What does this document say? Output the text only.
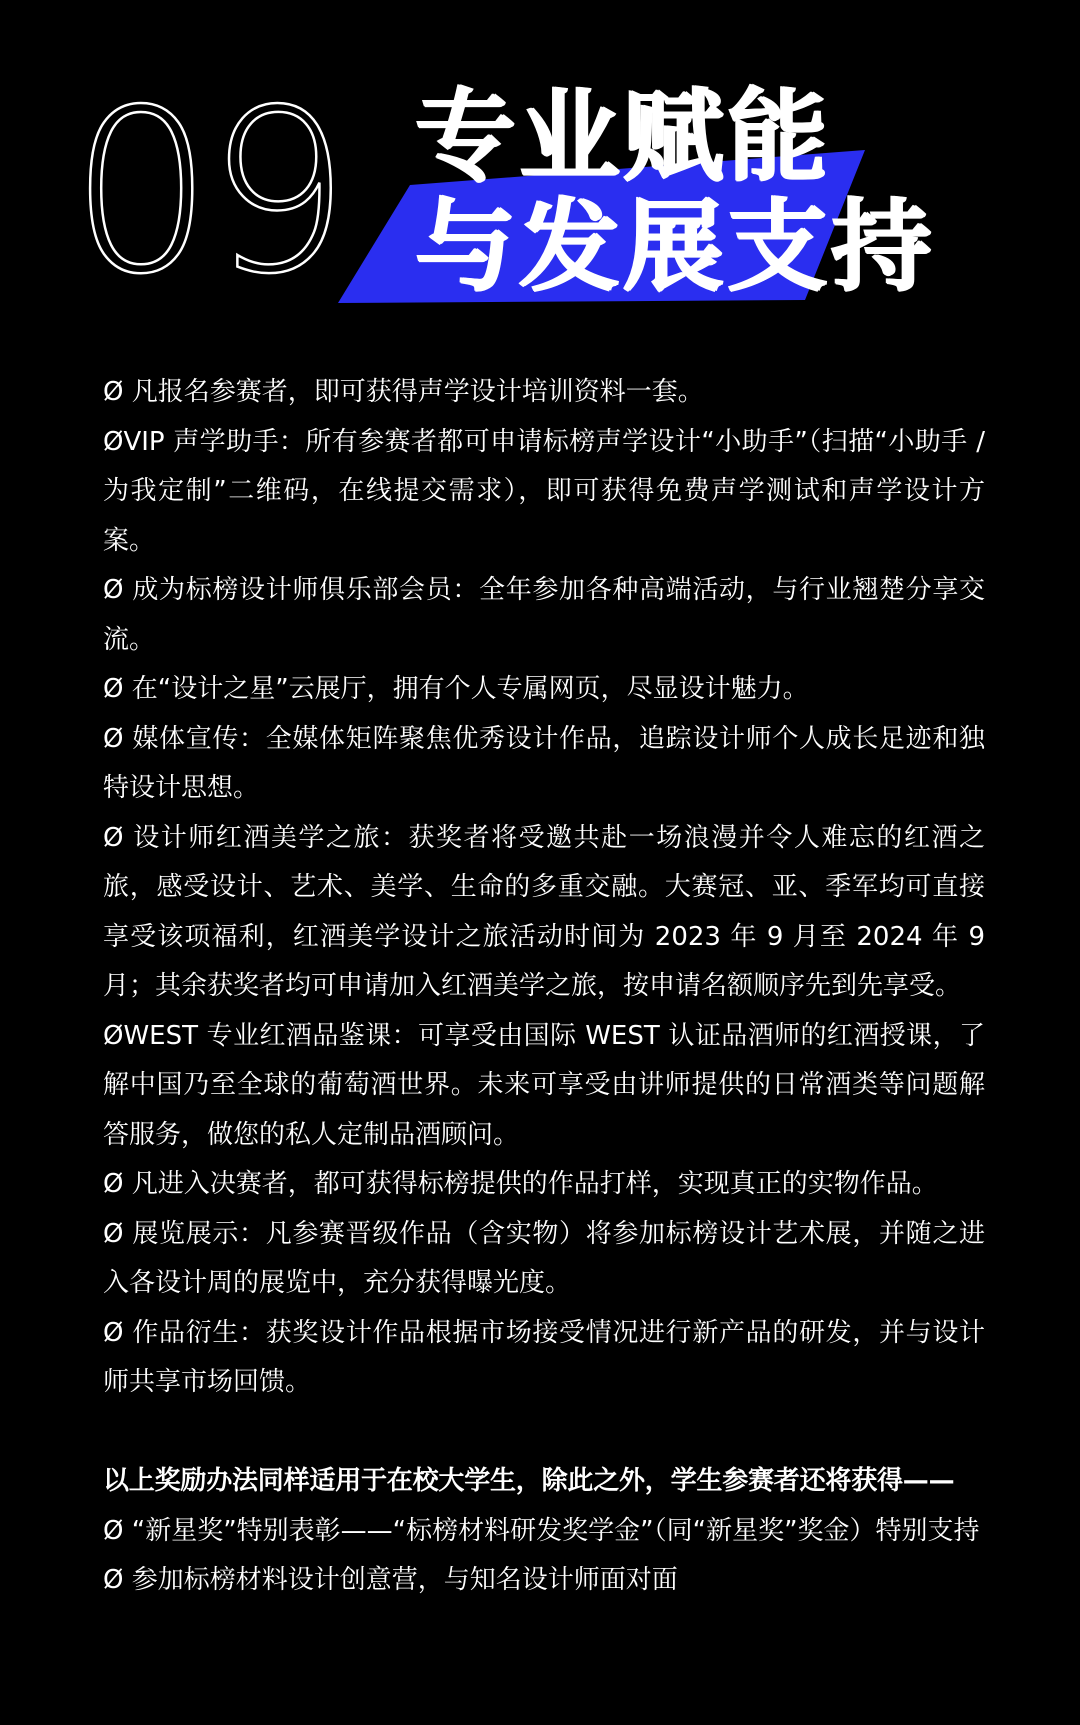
09 专业赋能
与发展支持

Ø 凡报名参赛者，即可获得声学设计培训资料一套。

ØVIP 声学助手：所有参赛者都可申请标榜声学设计“小助手”（扫描“小助手 / 为我定制”二维码，在线提交需求），即可获得免费声学测试和声学设计方案。

Ø 成为标榜设计师俱乐部会员：全年参加各种高端活动，与行业翘楚分享交流。

Ø 在“设计之星”云展厅，拥有个人专属网页，尽显设计魅力。

Ø 媒体宣传：全媒体矩阵聚焦优秀设计作品，追踪设计师个人成长足迹和独特设计思想。

Ø 设计师红酒美学之旅：获奖者将受邀共赴一场浪漫并令人难忘的红酒之旅，感受设计、艺术、美学、生命的多重交融。大赛冠、亚、季军均可直接享受该项福利，红酒美学设计之旅活动时间为 2023 年 9 月至 2024 年 9 月；其余获奖者均可申请加入红酒美学之旅，按申请名额顺序先到先享受。

ØWEST 专业红酒品鉴课：可享受由国际 WEST 认证品酒师的红酒授课，了解中国乃至全球的葡萄酒世界。未来可享受由讲师提供的日常酒类等问题解答服务，做您的私人定制品酒顾问。

Ø 凡进入决赛者，都可获得标榜提供的作品打样，实现真正的实物作品。

Ø 展览展示：凡参赛晋级作品（含实物）将参加标榜设计艺术展，并随之进入各设计周的展览中，充分获得曝光度。

Ø 作品衍生：获奖设计作品根据市场接受情况进行新产品的研发，并与设计师共享市场回馈。

以上奖励办法同样适用于在校大学生，除此之外，学生参赛者还将获得——

Ø “新星奖”特别表彰——“标榜材料研发奖学金”（同“新星奖”奖金）特别支持

Ø 参加标榜材料设计创意营，与知名设计师面对面
